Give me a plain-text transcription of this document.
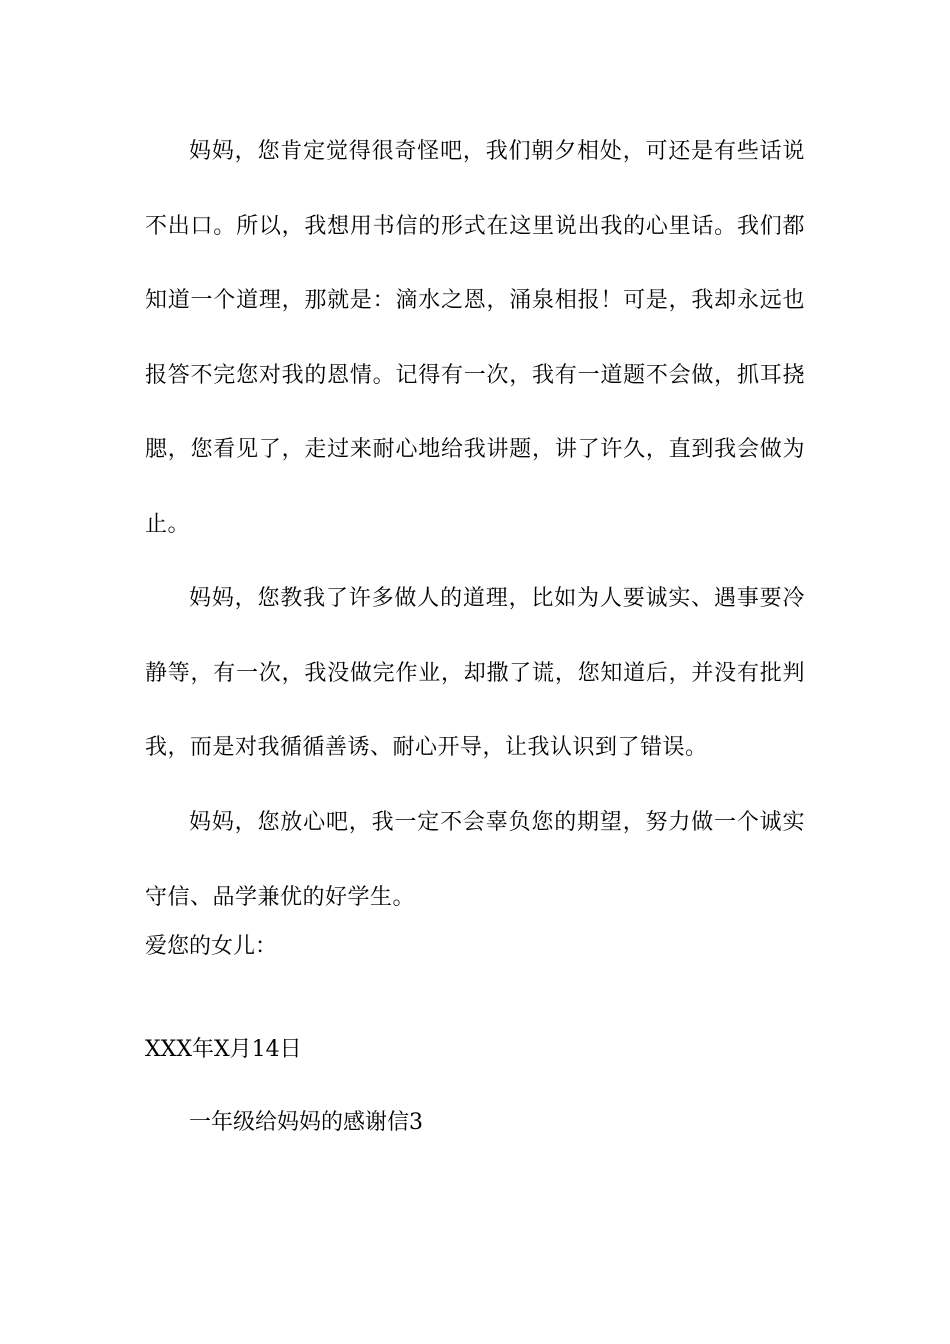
妈妈，您肯定觉得很奇怪吧，我们朝夕相处，可还是有些话说不出口。所以，我想用书信的形式在这里说出我的心里话。我们都知道一个道理，那就是：滴水之恩，涌泉相报！可是，我却永远也报答不完您对我的恩情。记得有一次，我有一道题不会做，抓耳挠腮，您看见了，走过来耐心地给我讲题，讲了许久，直到我会做为止。

妈妈，您教我了许多做人的道理，比如为人要诚实、遇事要冷静等，有一次，我没做完作业，却撒了谎，您知道后，并没有批判我，而是对我循循善诱、耐心开导，让我认识到了错误。

妈妈，您放心吧，我一定不会辜负您的期望，努力做一个诚实守信、品学兼优的好学生。

爱您的女儿：
XXX年X月14日
一年级给妈妈的感谢信3
